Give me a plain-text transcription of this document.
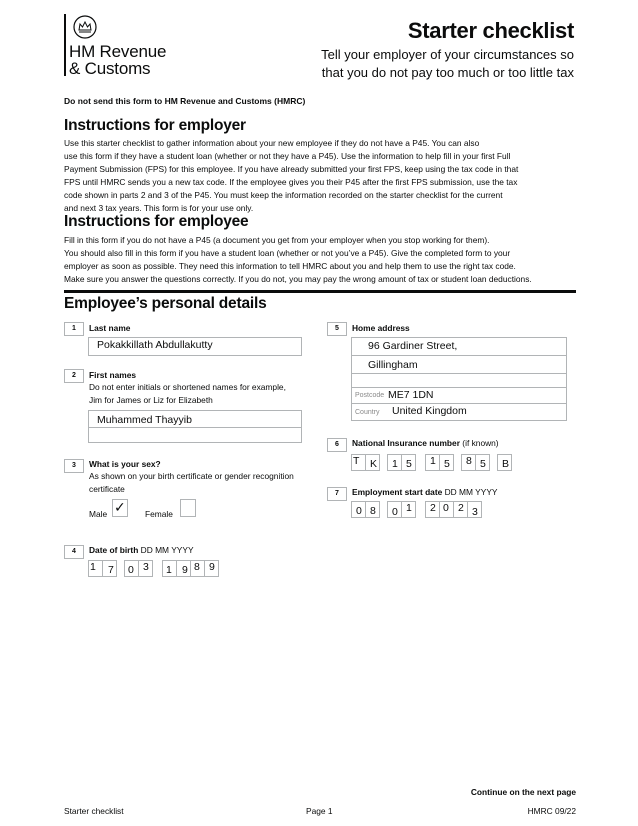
HM Revenue
& Customs
Starter checklist
Tell your employer of your circumstances so
that you do not pay too much or too little tax
Do not send this form to HM Revenue and Customs (HMRC)
Instructions for employer

Use this starter checklist to gather information about your new employee if they do not have a P45. You can also

use this form if they have a student loan (whether or not they have a P45). Use the information to help fill in your first Full

Payment Submission (FPS) for this employee. If you have already submitted your first FPS, keep using the tax code in that

FPS until HMRC sends you a new tax code. If the employee gives you their P45 after the first FPS submission, use the tax

code shown in parts 2 and 3 of the P45. You must keep the information recorded on the starter checklist for the current

and next 3 tax years. This form is for your use only.

Instructions for employee

Fill in this form if you do not have a P45 (a document you get from your employer when you stop working for them).

You should also fill in this form if you have a student loan (whether or not you’ve a P45). Give the completed form to your

employer as soon as possible. They need this information to tell HMRC about you and help them to use the right tax code.

Make sure you answer the questions correctly. If you do not, you may pay the wrong amount of tax or student loan deductions.

Employee’s personal details
1	Last name
Pokakkillath Abdullakutty
2	First names
Do not enter initials or shortened names for example,
Jim for James or Liz for Elizabeth
Muhammed Thayyib
3	What is your sex?
As shown on your birth certificate or gender recognition
certificate
Male ✓ Female
4	Date of birth DD MM YYYY
1 7 0 3 1 9 8 9
5	Home address
96 Gardiner Street,
Gillingham
Postcode ME7 1DN
Country United Kingdom
6	National Insurance number (if known)
T K 1 5 1 5 8 5 B
7	Employment start date DD MM YYYY
0 8 0 1 2 0 2 3
Continue on the next page
Starter checklist	Page 1	HMRC 09/22
